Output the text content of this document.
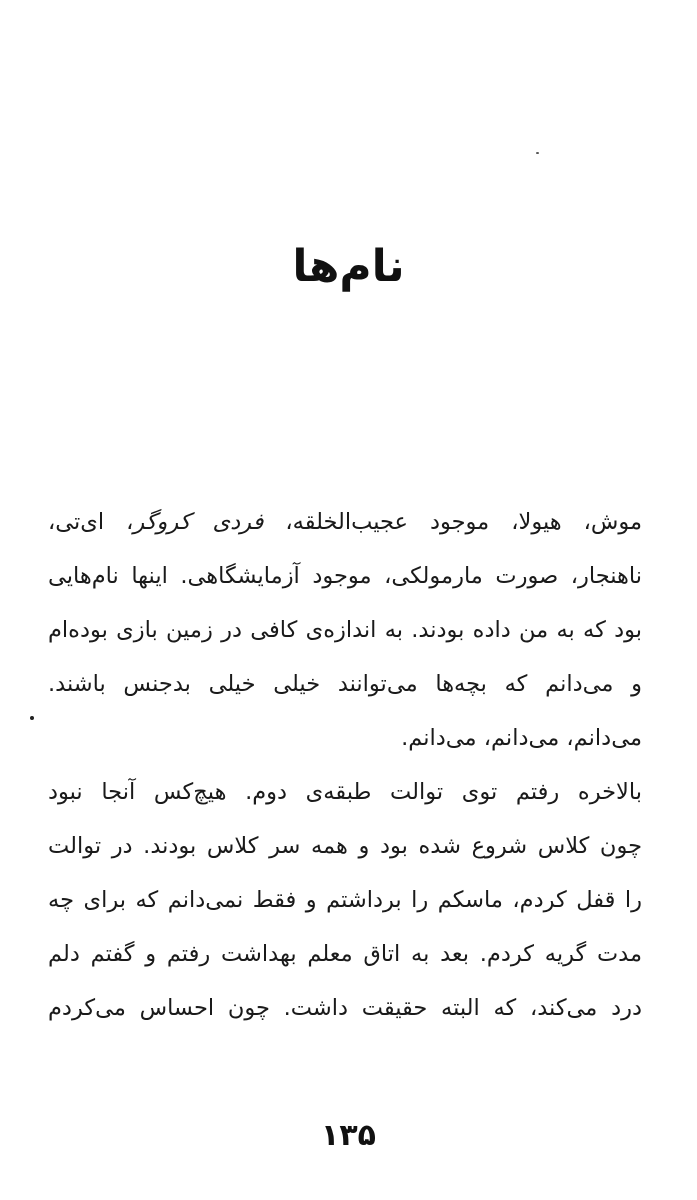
نام‌ها
موش، هیولا، موجود عجیب‌الخلقه، فردی کروگر، ای‌تی،
ناهنجار، صورت مارمولکی، موجود آزمایشگاهی. اینها نام‌هایی
بود که به من داده بودند. به اندازه‌ی کافی در زمین بازی بوده‌ام
و می‌دانم که بچه‌ها می‌توانند خیلی خیلی بدجنس باشند.
می‌دانم، می‌دانم، می‌دانم.
بالاخره رفتم توی توالت طبقه‌ی دوم. هیچ‌کس آنجا نبود
چون کلاس شروع شده بود و همه سر کلاس بودند. در توالت
را قفل کردم، ماسکم را برداشتم و فقط نمی‌دانم که برای چه
مدت گریه کردم. بعد به اتاق معلم بهداشت رفتم و گفتم دلم
درد می‌کند، که البته حقیقت داشت. چون احساس می‌کردم
۱۳۵
